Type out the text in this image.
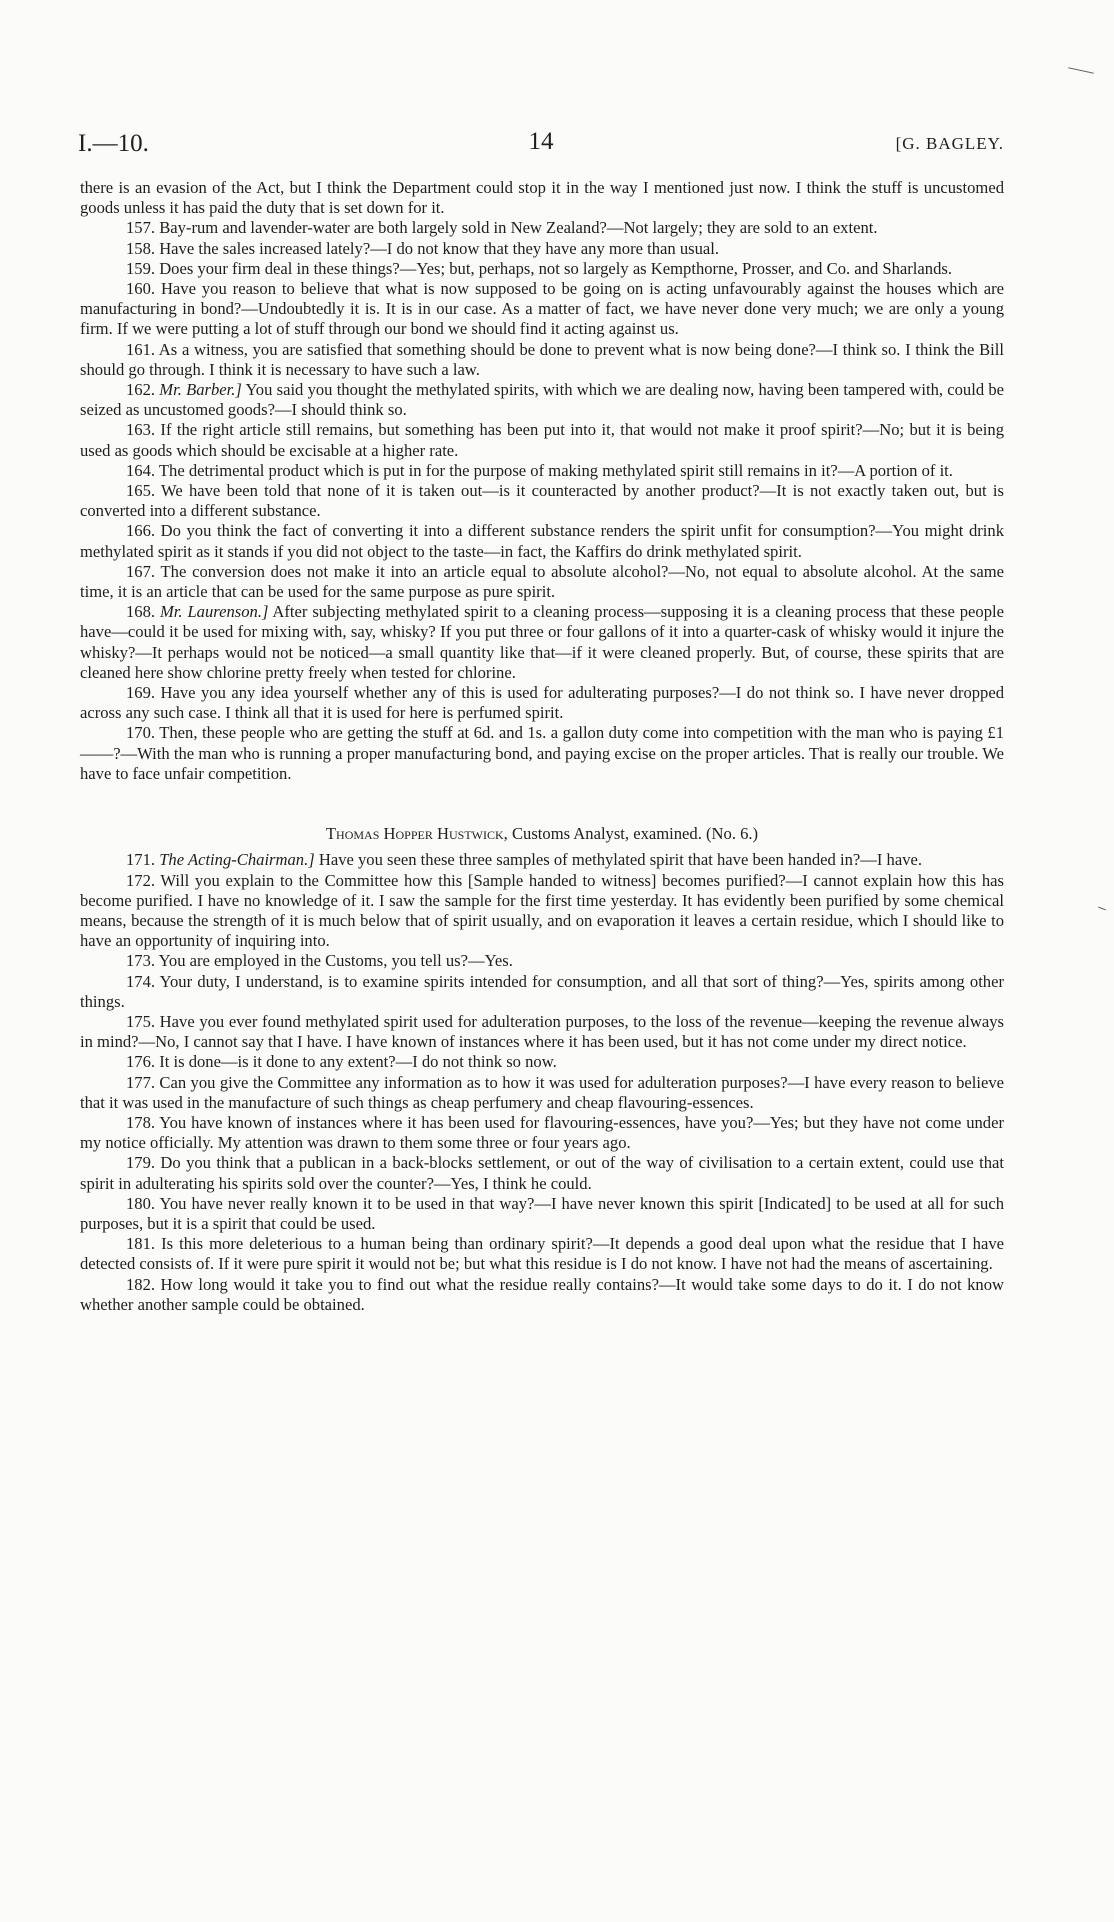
I.—10.	14	[G. BAGLEY.

there is an evasion of the Act, but I think the Department could stop it in the way I mentioned just now. I think the stuff is uncustomed goods unless it has paid the duty that is set down for it.

157. Bay-rum and lavender-water are both largely sold in New Zealand?—Not largely; they are sold to an extent.

158. Have the sales increased lately?—I do not know that they have any more than usual.

159. Does your firm deal in these things?—Yes; but, perhaps, not so largely as Kempthorne, Prosser, and Co. and Sharlands.

160. Have you reason to believe that what is now supposed to be going on is acting unfavourably against the houses which are manufacturing in bond?—Undoubtedly it is. It is in our case. As a matter of fact, we have never done very much; we are only a young firm. If we were putting a lot of stuff through our bond we should find it acting against us.

161. As a witness, you are satisfied that something should be done to prevent what is now being done?—I think so. I think the Bill should go through. I think it is necessary to have such a law.

162. Mr. Barber.] You said you thought the methylated spirits, with which we are dealing now, having been tampered with, could be seized as uncustomed goods?—I should think so.

163. If the right article still remains, but something has been put into it, that would not make it proof spirit?—No; but it is being used as goods which should be excisable at a higher rate.

164. The detrimental product which is put in for the purpose of making methylated spirit still remains in it?—A portion of it.

165. We have been told that none of it is taken out—is it counteracted by another product?—It is not exactly taken out, but is converted into a different substance.

166. Do you think the fact of converting it into a different substance renders the spirit unfit for consumption?—You might drink methylated spirit as it stands if you did not object to the taste—in fact, the Kaffirs do drink methylated spirit.

167. The conversion does not make it into an article equal to absolute alcohol?—No, not equal to absolute alcohol. At the same time, it is an article that can be used for the same purpose as pure spirit.

168. Mr. Laurenson.] After subjecting methylated spirit to a cleaning process—supposing it is a cleaning process that these people have—could it be used for mixing with, say, whisky? If you put three or four gallons of it into a quarter-cask of whisky would it injure the whisky?—It perhaps would not be noticed—a small quantity like that—if it were cleaned properly. But, of course, these spirits that are cleaned here show chlorine pretty freely when tested for chlorine.

169. Have you any idea yourself whether any of this is used for adulterating purposes?—I do not think so. I have never dropped across any such case. I think all that it is used for here is perfumed spirit.

170. Then, these people who are getting the stuff at 6d. and 1s. a gallon duty come into competition with the man who is paying £1——?—With the man who is running a proper manufacturing bond, and paying excise on the proper articles. That is really our trouble. We have to face unfair competition.

Thomas Hopper Hustwick, Customs Analyst, examined. (No. 6.)

171. The Acting-Chairman.] Have you seen these three samples of methylated spirit that have been handed in?—I have.

172. Will you explain to the Committee how this [Sample handed to witness] becomes purified?—I cannot explain how this has become purified. I have no knowledge of it. I saw the sample for the first time yesterday. It has evidently been purified by some chemical means, because the strength of it is much below that of spirit usually, and on evaporation it leaves a certain residue, which I should like to have an opportunity of inquiring into.

173. You are employed in the Customs, you tell us?—Yes.

174. Your duty, I understand, is to examine spirits intended for consumption, and all that sort of thing?—Yes, spirits among other things.

175. Have you ever found methylated spirit used for adulteration purposes, to the loss of the revenue—keeping the revenue always in mind?—No, I cannot say that I have. I have known of instances where it has been used, but it has not come under my direct notice.

176. It is done—is it done to any extent?—I do not think so now.

177. Can you give the Committee any information as to how it was used for adulteration purposes?—I have every reason to believe that it was used in the manufacture of such things as cheap perfumery and cheap flavouring-essences.

178. You have known of instances where it has been used for flavouring-essences, have you?—Yes; but they have not come under my notice officially. My attention was drawn to them some three or four years ago.

179. Do you think that a publican in a back-blocks settlement, or out of the way of civilisation to a certain extent, could use that spirit in adulterating his spirits sold over the counter?—Yes, I think he could.

180. You have never really known it to be used in that way?—I have never known this spirit [Indicated] to be used at all for such purposes, but it is a spirit that could be used.

181. Is this more deleterious to a human being than ordinary spirit?—It depends a good deal upon what the residue that I have detected consists of. If it were pure spirit it would not be; but what this residue is I do not know. I have not had the means of ascertaining.

182. How long would it take you to find out what the residue really contains?—It would take some days to do it. I do not know whether another sample could be obtained.
